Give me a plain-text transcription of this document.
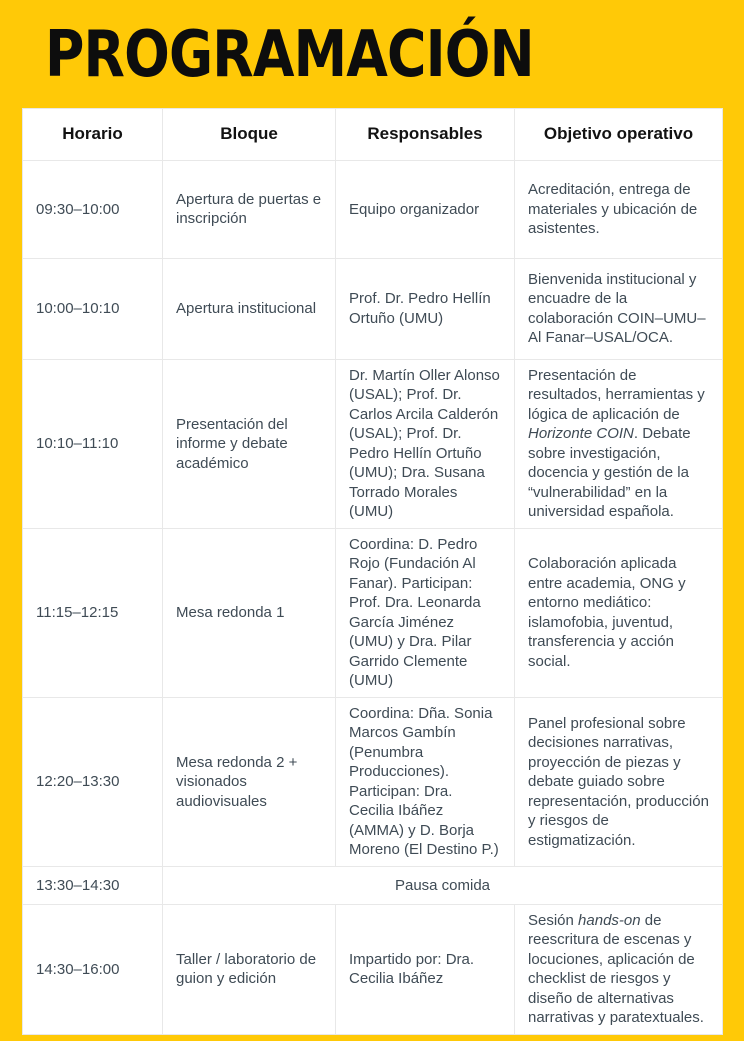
PROGRAMACIÓN
Horario	Bloque	Responsables	Objetivo operativo
09:30–10:00	Apertura de puertas e inscripción	Equipo organizador	Acreditación, entrega de materiales y ubicación de asistentes.
10:00–10:10	Apertura institucional	Prof. Dr. Pedro Hellín Ortuño (UMU)	Bienvenida institucional y encuadre de la colaboración COIN–UMU–Al Fanar–USAL/OCA.
10:10–11:10	Presentación del informe y debate académico	Dr. Martín Oller Alonso (USAL); Prof. Dr. Carlos Arcila Calderón (USAL); Prof. Dr. Pedro Hellín Ortuño (UMU); Dra. Susana Torrado Morales (UMU)	Presentación de resultados, herramientas y lógica de aplicación de Horizonte COIN. Debate sobre investigación, docencia y gestión de la “vulnerabilidad” en la universidad española.
11:15–12:15	Mesa redonda 1	Coordina: D. Pedro Rojo (Fundación Al Fanar). Participan: Prof. Dra. Leonarda García Jiménez (UMU) y Dra. Pilar Garrido Clemente (UMU)	Colaboración aplicada entre academia, ONG y entorno mediático: islamofobia, juventud, transferencia y acción social.
12:20–13:30	Mesa redonda 2 + visionados audiovisuales	Coordina: Dña. Sonia Marcos Gambín (Penumbra Producciones). Participan: Dra. Cecilia Ibáñez (AMMA) y D. Borja Moreno (El Destino P.)	Panel profesional sobre decisiones narrativas, proyección de piezas y debate guiado sobre representación, producción y riesgos de estigmatización.
13:30–14:30	Pausa comida		
14:30–16:00	Taller / laboratorio de guion y edición	Impartido por: Dra. Cecilia Ibáñez	Sesión hands-on de reescritura de escenas y locuciones, aplicación de checklist de riesgos y diseño de alternativas narrativas y paratextuales.
